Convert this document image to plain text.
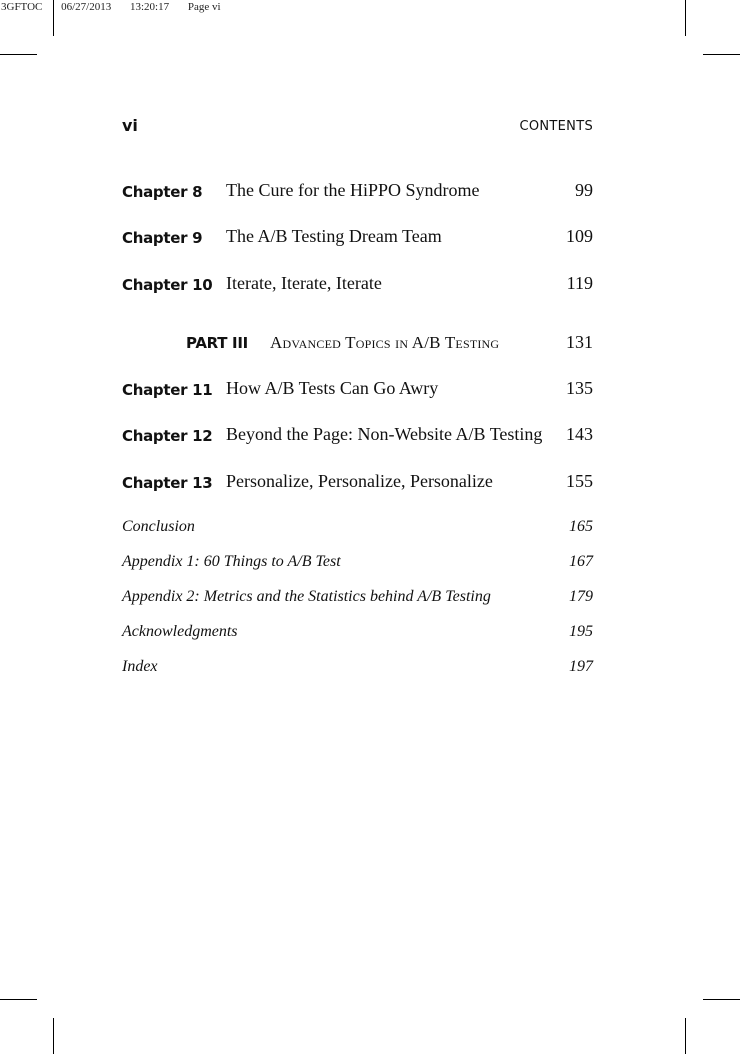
3GFTOC 06/27/2013 13:20:17 Page vi
vi	CONTENTS
Chapter 8 The Cure for the HiPPO Syndrome	99
Chapter 9 The A/B Testing Dream Team	109
Chapter 10 Iterate, Iterate, Iterate	119
PART III Advanced Topics in A/B Testing	131
Chapter 11 How A/B Tests Can Go Awry	135
Chapter 12 Beyond the Page: Non-Website A/B Testing 143
Chapter 13 Personalize, Personalize, Personalize	155
Conclusion	165
Appendix 1: 60 Things to A/B Test	167
Appendix 2: Metrics and the Statistics behind A/B Testing	179
Acknowledgments	195
Index	197
